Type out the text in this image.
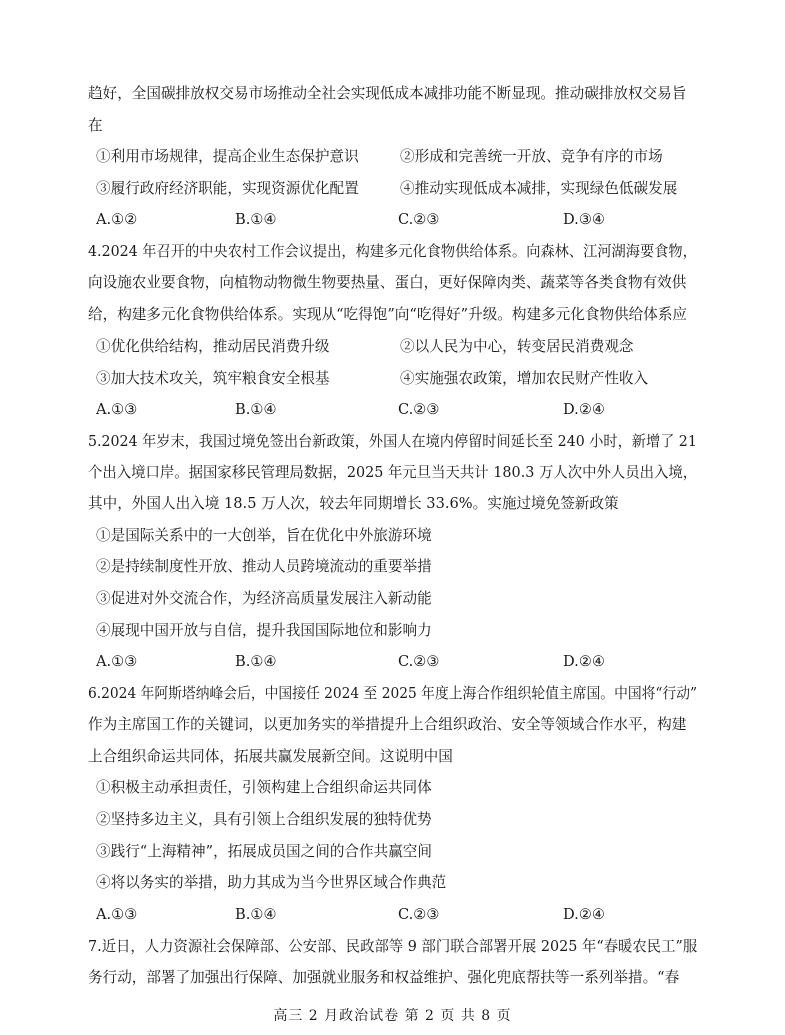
趋好，全国碳排放权交易市场推动全社会实现低成本减排功能不断显现。推动碳排放权交易旨
在
①利用市场规律，提高企业生态保护意识	②形成和完善统一开放、竞争有序的市场
③履行政府经济职能，实现资源优化配置	④推动实现低成本减排，实现绿色低碳发展
A.①②	B.①④	C.②③	D.③④
4.2024 年召开的中央农村工作会议提出，构建多元化食物供给体系。向森林、江河湖海要食物，
向设施农业要食物，向植物动物微生物要热量、蛋白，更好保障肉类、蔬菜等各类食物有效供
给，构建多元化食物供给体系。实现从“吃得饱”向“吃得好”升级。构建多元化食物供给体系应
①优化供给结构，推动居民消费升级	②以人民为中心，转变居民消费观念
③加大技术攻关，筑牢粮食安全根基	④实施强农政策，增加农民财产性收入
A.①③	B.①④	C.②③	D.②④
5.2024 年岁末，我国过境免签出台新政策，外国人在境内停留时间延长至 240 小时，新增了 21
个出入境口岸。据国家移民管理局数据，2025 年元旦当天共计 180.3 万人次中外人员出入境，
其中，外国人出入境 18.5 万人次，较去年同期增长 33.6%。实施过境免签新政策
①是国际关系中的一大创举，旨在优化中外旅游环境
②是持续制度性开放、推动人员跨境流动的重要举措
③促进对外交流合作，为经济高质量发展注入新动能
④展现中国开放与自信，提升我国国际地位和影响力
A.①③	B.①④	C.②③	D.②④
6.2024 年阿斯塔纳峰会后，中国接任 2024 至 2025 年度上海合作组织轮值主席国。中国将“行动”
作为主席国工作的关键词，以更加务实的举措提升上合组织政治、安全等领域合作水平，构建
上合组织命运共同体，拓展共赢发展新空间。这说明中国
①积极主动承担责任，引领构建上合组织命运共同体
②坚持多边主义，具有引领上合组织发展的独特优势
③践行“上海精神”，拓展成员国之间的合作共赢空间
④将以务实的举措，助力其成为当今世界区域合作典范
A.①③	B.①④	C.②③	D.②④
7.近日，人力资源社会保障部、公安部、民政部等 9 部门联合部署开展 2025 年“春暖农民工”服
务行动，部署了加强出行保障、加强就业服务和权益维护、强化兜底帮扶等一系列举措。“春
高三 2 月政治试卷 第 2 页 共 8 页
